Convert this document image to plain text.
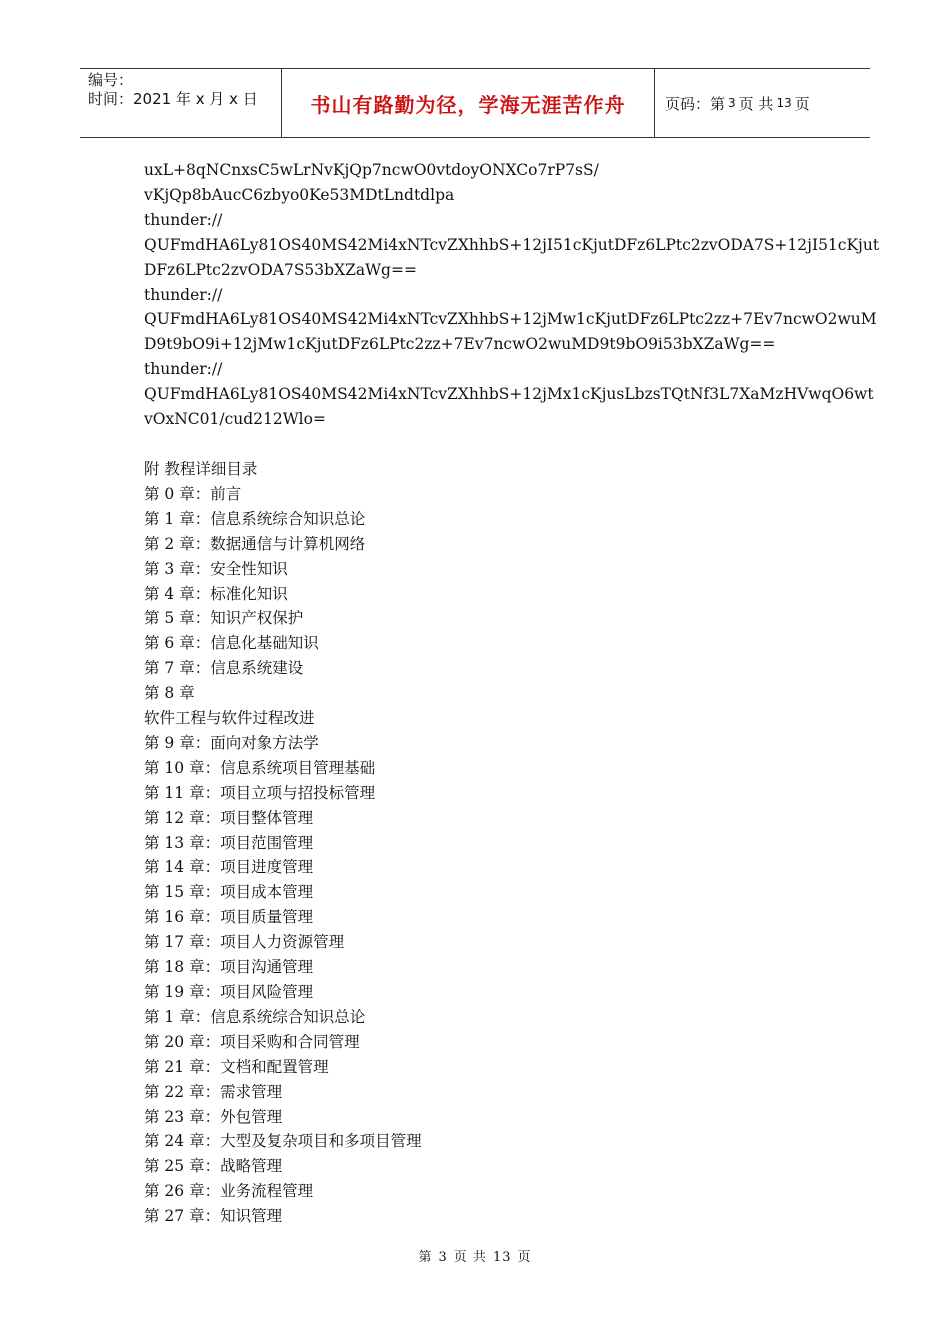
编号：
时间：2021 年 x 月 x 日	书山有路勤为径，学海无涯苦作舟	页码：第 3 页 共 13 页
uxL+8qNCnxsC5wLrNvKjQp7ncwO0vtdoyONXCo7rP7sS/
vKjQp8bAucC6zbyo0Ke53MDtLndtdlpa
thunder://
QUFmdHA6Ly81OS40MS42Mi4xNTcvZXhhbS+12jI51cKjutDFz6LPtc2zvODA7S+12jI51cKjut
DFz6LPtc2zvODA7S53bXZaWg==
thunder://
QUFmdHA6Ly81OS40MS42Mi4xNTcvZXhhbS+12jMw1cKjutDFz6LPtc2zz+7Ev7ncwO2wuM
D9t9bO9i+12jMw1cKjutDFz6LPtc2zz+7Ev7ncwO2wuMD9t9bO9i53bXZaWg==
thunder://
QUFmdHA6Ly81OS40MS42Mi4xNTcvZXhhbS+12jMx1cKjusLbzsTQtNf3L7XaMzHVwqO6wt
vOxNC01/cud212Wlo=
附 教程详细目录
第 0 章：前言
第 1 章：信息系统综合知识总论
第 2 章：数据通信与计算机网络
第 3 章：安全性知识
第 4 章：标准化知识
第 5 章：知识产权保护
第 6 章：信息化基础知识
第 7 章：信息系统建设
第 8 章
软件工程与软件过程改进
第 9 章：面向对象方法学
第 10 章：信息系统项目管理基础
第 11 章：项目立项与招投标管理
第 12 章：项目整体管理
第 13 章：项目范围管理
第 14 章：项目进度管理
第 15 章：项目成本管理
第 16 章：项目质量管理
第 17 章：项目人力资源管理
第 18 章：项目沟通管理
第 19 章：项目风险管理
第 1 章：信息系统综合知识总论
第 20 章：项目采购和合同管理
第 21 章：文档和配置管理
第 22 章：需求管理
第 23 章：外包管理
第 24 章：大型及复杂项目和多项目管理
第 25 章：战略管理
第 26 章：业务流程管理
第 27 章：知识管理
第 3 页 共 13 页
